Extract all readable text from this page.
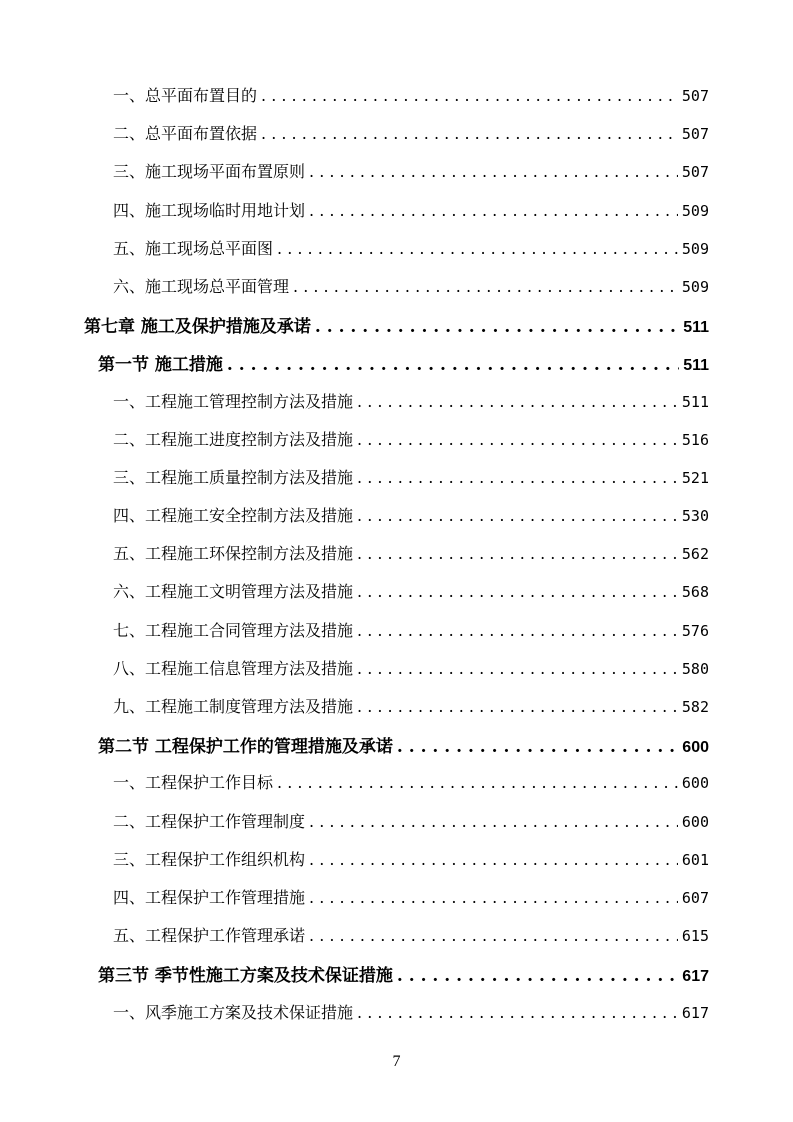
一、总平面布置目的 . . .	507
二、总平面布置依据 . . .	507
三、施工现场平面布置原则 . . .	507
四、施工现场临时用地计划 . . .	509
五、施工现场总平面图 . . .	509
六、施工现场总平面管理 . . .	509
第七章 施工及保护措施及承诺 . . .	511
第一节 施工措施 . . .	511
一、工程施工管理控制方法及措施 . . .	511
二、工程施工进度控制方法及措施 . . .	516
三、工程施工质量控制方法及措施 . . .	521
四、工程施工安全控制方法及措施 . . .	530
五、工程施工环保控制方法及措施 . . .	562
六、工程施工文明管理方法及措施 . . .	568
七、工程施工合同管理方法及措施 . . .	576
八、工程施工信息管理方法及措施 . . .	580
九、工程施工制度管理方法及措施 . . .	582
第二节 工程保护工作的管理措施及承诺 . . .	600
一、工程保护工作目标 . . .	600
二、工程保护工作管理制度 . . .	600
三、工程保护工作组织机构 . . .	601
四、工程保护工作管理措施 . . .	607
五、工程保护工作管理承诺 . . .	615
第三节 季节性施工方案及技术保证措施 . . .	617
一、风季施工方案及技术保证措施 . . .	617
7
